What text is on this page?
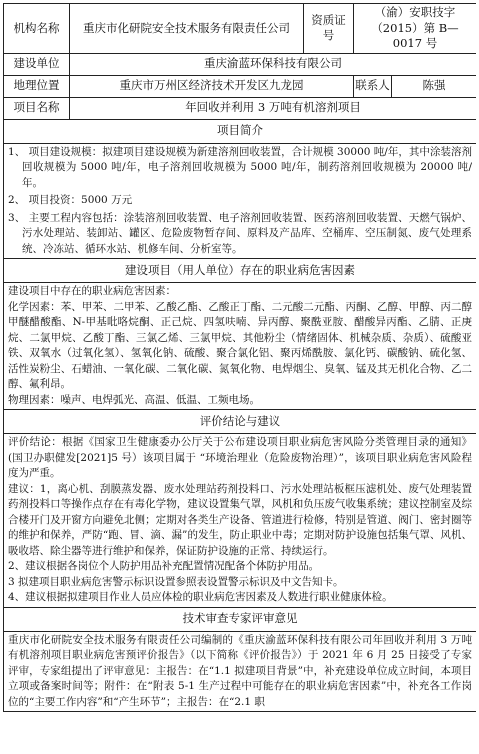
机构名称	重庆市化研院安全技术服务有限责任公司	资质证号	（渝）安职技字（2015）第 B—0017 号	
建设单位	重庆渝蓝环保科技有限公司			
地理位置	重庆市万州区经济技术开发区九龙园		联系人	陈强
项目名称	年回收并利用 3 万吨有机溶剂项目			
项目简介				

1、 项目建设规模：拟建项目建设规模为新建溶剂回收装置，合计规模 30000 吨/年，其中涂装溶剂回收规模为 5000 吨/年，电子溶剂回收规模为 5000 吨/年，制药溶剂回收规模为 20000 吨/年。

2、 项目投资：5000 万元

3、 主要工程内容包括：涂装溶剂回收装置、电子溶剂回收装置、医药溶剂回收装置、天燃气锅炉、污水处理站、装卸站、罐区、危险废物暂存间、原料及产品库、空桶库、空压制氮、废气处理系统、冷冻站、循环水站、机修车间、分析室等。				

建设项目（用人单位）存在的职业病危害因素				

建设项目中存在的职业病危害因素：

化学因素：苯、甲苯、二甲苯、乙酸乙酯、乙酸正丁酯、二元酸二元酯、丙酮、乙醇、甲醇、丙二醇甲醚醋酸酯、N-甲基吡咯烷酮、正己烷、四氢呋喃、异丙醇、聚酰亚胺、醋酸异丙酯、乙腈、正庚烷、二氯甲烷、乙酸丁酯、三氯乙烯、三氯甲烷、其他粉尘（情绪固体、机械杂质、杂质）、硫酸亚铁、双氧水（过氧化氢）、氢氧化钠、硫酸、聚合氯化铝、聚丙烯酰胺、氯化钙、碳酸钠、硫化氢、活性炭粉尘、石蜡油、一氧化碳、二氧化碳、氮氧化物、电焊烟尘、臭氧、锰及其无机化合物、乙二醇、氟利昂。

物理因素：噪声、电焊弧光、高温、低温、工频电场。				

评价结论与建议				

评价结论：根据《国家卫生健康委办公厅关于公布建设项目职业病危害风险分类管理目录的通知》(国卫办职健发[2021]5 号）该项目属于 “环境治理业（危险废物治理）”，该项目职业病危害风险程度为严重。

建议：1，离心机、刮膜蒸发器、废水处理站药剂投料口、污水处理站板框压滤机处、废气处理装置药剂投料口等操作点存在有毒化学物，建议设置集气罩，风机和负压废气收集系统；建议控制室及综合楼开门及开窗方向避免北侧；定期对各类生产设备、管道进行检修，特别是管道、阀门、密封圈等的维护和保养，严防“跑、冒、滴、漏”的发生，防止职业中毒；定期对防护设施包括集气罩、风机、吸收塔、除尘器等进行维护和保养，保证防护设施的正常、持续运行。

2、建议根据各岗位个人防护用品补充配置情况配备个体防护用品。

3 拟建项目职业病危害警示标识设置参照表设置警示标识及中文告知卡。

4、建议根据拟建项目作业人员应体检的职业病危害因素及人数进行职业健康体检。				

技术审查专家评审意见				

重庆市化研院安全技术服务有限责任公司编制的《重庆渝蓝环保科技有限公司年回收并利用 3 万吨有机溶剂项目职业病危害预评价报告》（以下简称《评价报告》）于 2021 年 6 月 25 日接受了专家评审，专家组提出了评审意见：主报告：在“1.1 拟建项目背景”中，补充建设单位成立时间，本项目立项或备案时间等；附件：在“附表 5-1 生产过程中可能存在的职业病危害因素”中，补充各工作岗位的“主要工作内容”和“产生环节”；主报告：在“2.1 职				
